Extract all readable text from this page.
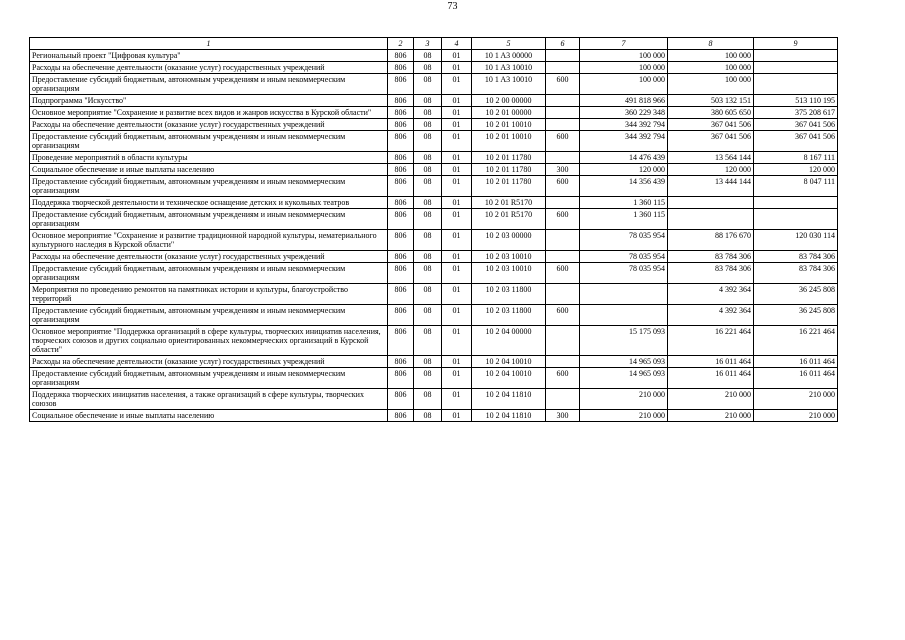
73
1	2	3	4	5	6	7	8	9
Региональный проект "Цифровая культура"	806	08	01	10 1 A3 00000		100 000	100 000	
Расходы на обеспечение деятельности (оказание услуг) государственных учреждений	806	08	01	10 1 A3 10010		100 000	100 000	
Предоставление субсидий бюджетным, автономным учреждениям и иным некоммерческим организациям	806	08	01	10 1 A3 10010	600	100 000	100 000	
Подпрограмма "Искусство"	806	08	01	10 2 00 00000		491 818 966	503 132 151	513 110 195
Основное мероприятие "Сохранение и развитие всех видов и жанров искусства в Курской области"	806	08	01	10 2 01 00000		360 229 348	380 605 650	375 208 617
Расходы на обеспечение деятельности (оказание услуг) государственных учреждений	806	08	01	10 2 01 10010		344 392 794	367 041 506	367 041 506
Предоставление субсидий бюджетным, автономным учреждениям и иным некоммерческим организациям	806	08	01	10 2 01 10010	600	344 392 794	367 041 506	367 041 506
Проведение мероприятий в области культуры	806	08	01	10 2 01 11780		14 476 439	13 564 144	8 167 111
Социальное обеспечение и иные выплаты населению	806	08	01	10 2 01 11780	300	120 000	120 000	120 000
Предоставление субсидий бюджетным, автономным учреждениям и иным некоммерческим организациям	806	08	01	10 2 01 11780	600	14 356 439	13 444 144	8 047 111
Поддержка творческой деятельности и техническое оснащение детских и кукольных театров	806	08	01	10 2 01 R5170		1 360 115		
Предоставление субсидий бюджетным, автономным учреждениям и иным некоммерческим организациям	806	08	01	10 2 01 R5170	600	1 360 115		
Основное мероприятие "Сохранение и развитие традиционной народной культуры, нематериального культурного наследия в Курской области"	806	08	01	10 2 03 00000		78 035 954	88 176 670	120 030 114
Расходы на обеспечение деятельности (оказание услуг) государственных учреждений	806	08	01	10 2 03 10010		78 035 954	83 784 306	83 784 306
Предоставление субсидий бюджетным, автономным учреждениям и иным некоммерческим организациям	806	08	01	10 2 03 10010	600	78 035 954	83 784 306	83 784 306
Мероприятия по проведению ремонтов на памятниках истории и культуры, благоустройство территорий	806	08	01	10 2 03 11800			4 392 364	36 245 808
Предоставление субсидий бюджетным, автономным учреждениям и иным некоммерческим организациям	806	08	01	10 2 03 11800	600		4 392 364	36 245 808
Основное мероприятие "Поддержка организаций в сфере культуры, творческих инициатив населения, творческих союзов и других социально ориентированных некоммерческих организаций в Курской области"	806	08	01	10 2 04 00000		15 175 093	16 221 464	16 221 464
Расходы на обеспечение деятельности (оказание услуг) государственных учреждений	806	08	01	10 2 04 10010		14 965 093	16 011 464	16 011 464
Предоставление субсидий бюджетным, автономным учреждениям и иным некоммерческим организациям	806	08	01	10 2 04 10010	600	14 965 093	16 011 464	16 011 464
Поддержка творческих инициатив населения, а также организаций в сфере культуры, творческих союзов	806	08	01	10 2 04 11810		210 000	210 000	210 000
Социальное обеспечение и иные выплаты населению	806	08	01	10 2 04 11810	300	210 000	210 000	210 000
